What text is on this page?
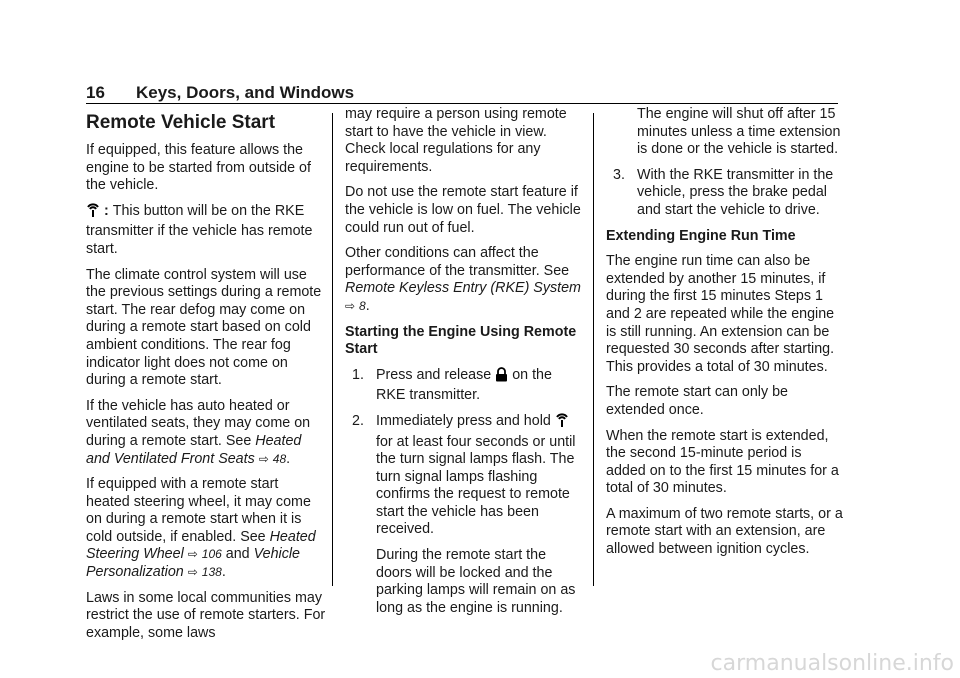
16 Keys, Doors, and Windows
Remote Vehicle Start

If equipped, this feature allows the engine to be started from outside of the vehicle.

: This button will be on the RKE transmitter if the vehicle has remote start.

The climate control system will use the previous settings during a remote start. The rear defog may come on during a remote start based on cold ambient conditions. The rear fog indicator light does not come on during a remote start.

If the vehicle has auto heated or ventilated seats, they may come on during a remote start. See Heated and Ventilated Front Seats ⇨ 48.

If equipped with a remote start heated steering wheel, it may come on during a remote start when it is cold outside, if enabled. See Heated Steering Wheel ⇨ 106 and Vehicle Personalization ⇨ 138.

Laws in some local communities may restrict the use of remote starters. For example, some laws

may require a person using remote start to have the vehicle in view. Check local regulations for any requirements.

Do not use the remote start feature if the vehicle is low on fuel. The vehicle could run out of fuel.

Other conditions can affect the performance of the transmitter. See Remote Keyless Entry (RKE) System ⇨ 8.

Starting the Engine Using Remote Start

1. Press and release  on the RKE transmitter.
2. Immediately press and hold  for at least four seconds or until the turn signal lamps flash. The turn signal lamps flashing confirms the request to remote start the vehicle has been received.

During the remote start the doors will be locked and the parking lamps will remain on as long as the engine is running.

The engine will shut off after 15 minutes unless a time extension is done or the vehicle is started.

3. With the RKE transmitter in the vehicle, press the brake pedal and start the vehicle to drive.

Extending Engine Run Time

The engine run time can also be extended by another 15 minutes, if during the first 15 minutes Steps 1 and 2 are repeated while the engine is still running. An extension can be requested 30 seconds after starting. This provides a total of 30 minutes.

The remote start can only be extended once.

When the remote start is extended, the second 15-minute period is added on to the first 15 minutes for a total of 30 minutes.

A maximum of two remote starts, or a remote start with an extension, are allowed between ignition cycles.

carmanualsonline.info
